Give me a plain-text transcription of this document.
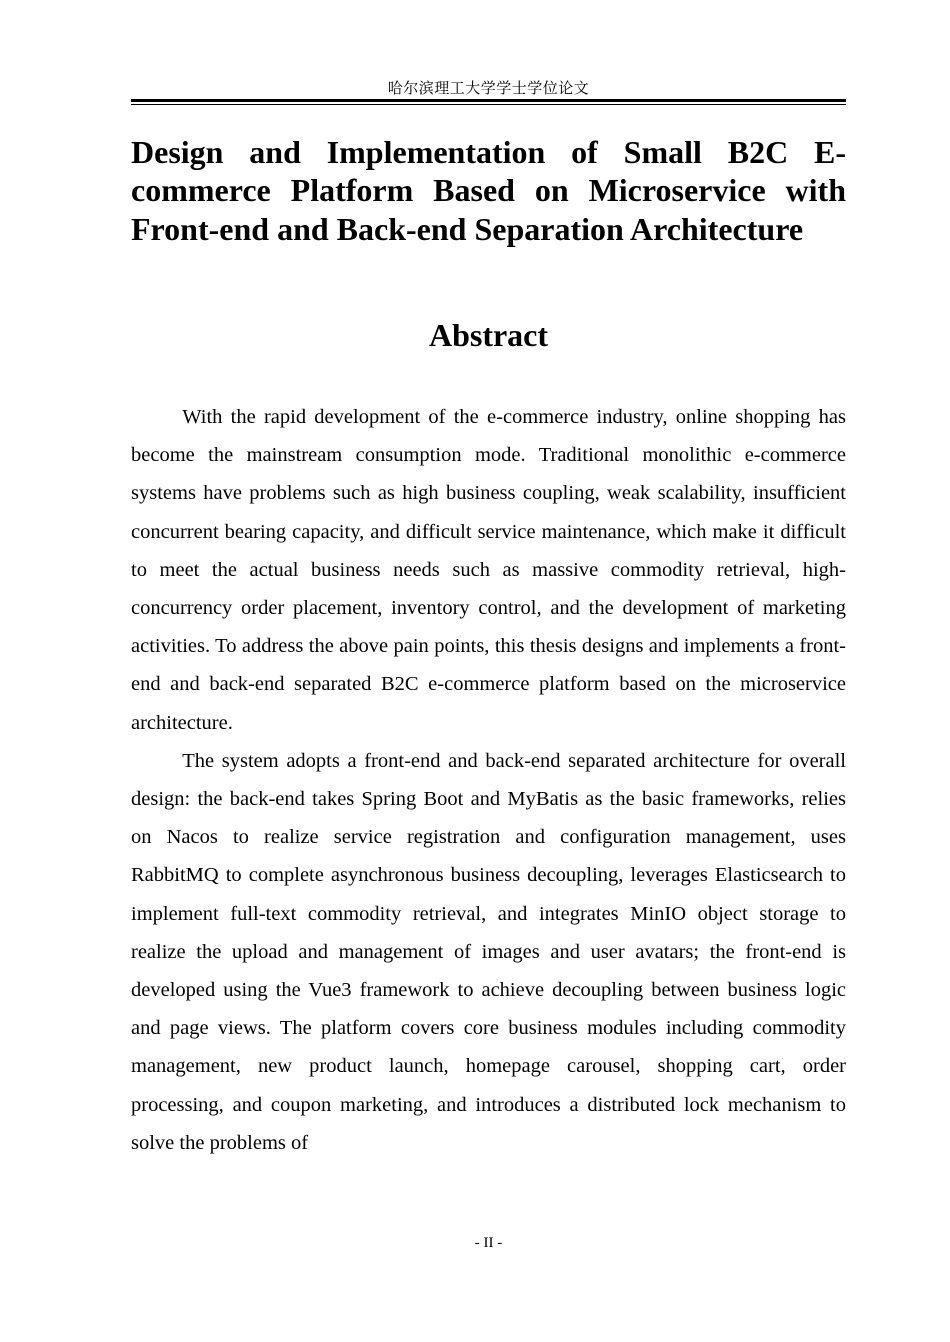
哈尔滨理工大学学士学位论文
Design and Implementation of Small B2C E-commerce Platform Based on Microservice with Front-end and Back-end Separation Architecture
Abstract

With the rapid development of the e-commerce industry, online shopping has become the mainstream consumption mode. Traditional monolithic e-commerce systems have problems such as high business coupling, weak scalability, insufficient concurrent bearing capacity, and difficult service maintenance, which make it difficult to meet the actual business needs such as massive commodity retrieval, high-concurrency order placement, inventory control, and the development of marketing activities. To address the above pain points, this thesis designs and implements a front-end and back-end separated B2C e-commerce platform based on the microservice architecture.

The system adopts a front-end and back-end separated architecture for overall design: the back-end takes Spring Boot and MyBatis as the basic frameworks, relies on Nacos to realize service registration and configuration management, uses RabbitMQ to complete asynchronous business decoupling, leverages Elasticsearch to implement full-text commodity retrieval, and integrates MinIO object storage to realize the upload and management of images and user avatars; the front-end is developed using the Vue3 framework to achieve decoupling between business logic and page views. The platform covers core business modules including commodity management, new product launch, homepage carousel, shopping cart, order processing, and coupon marketing, and introduces a distributed lock mechanism to solve the problems of

- II -
